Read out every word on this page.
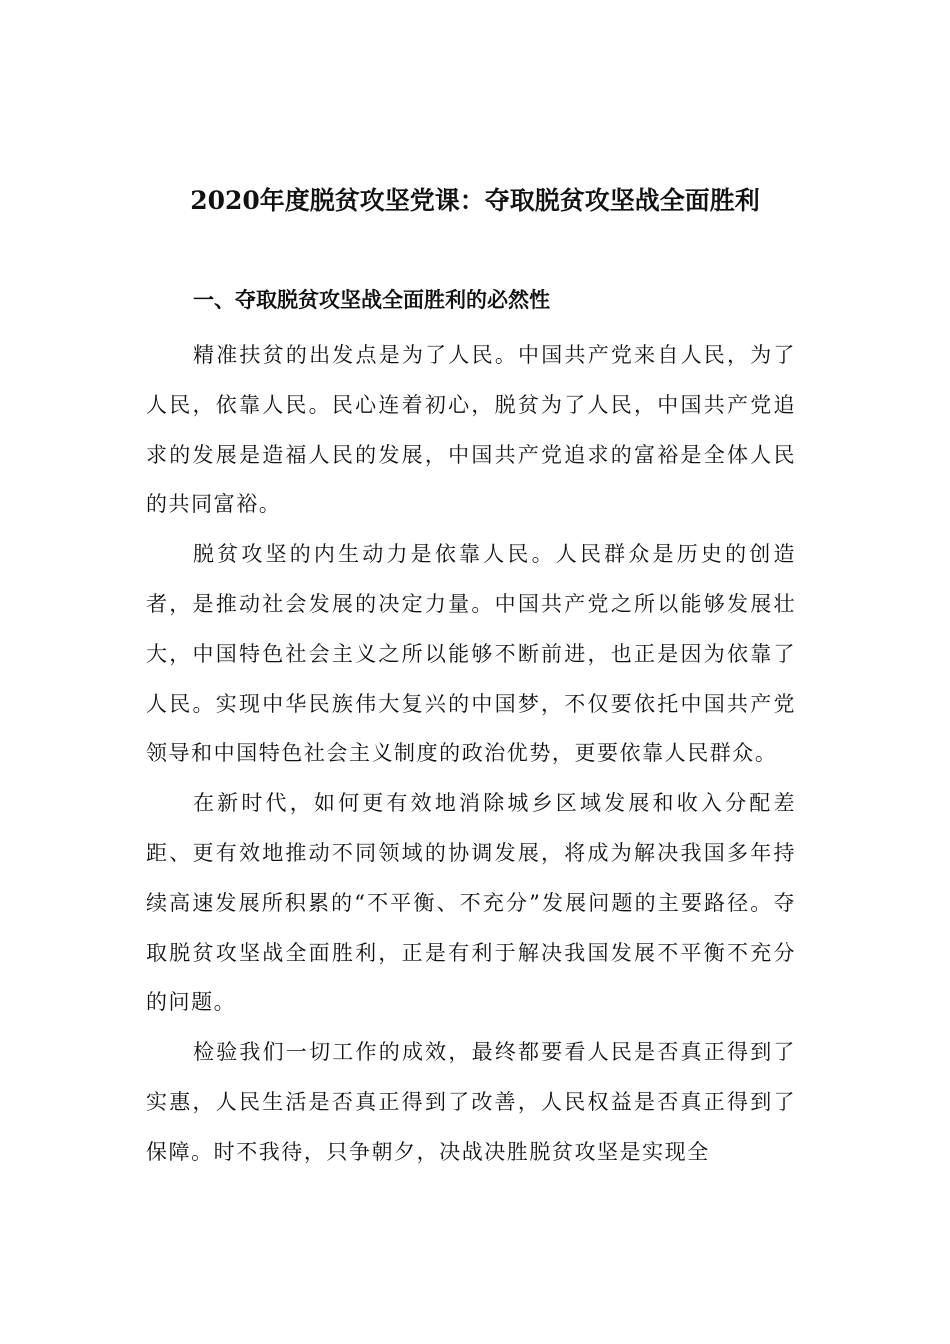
2020年度脱贫攻坚党课：夺取脱贫攻坚战全面胜利
一、夺取脱贫攻坚战全面胜利的必然性

精准扶贫的出发点是为了人民。中国共产党来自人民，为了人民，依靠人民。民心连着初心，脱贫为了人民，中国共产党追求的发展是造福人民的发展，中国共产党追求的富裕是全体人民的共同富裕。

脱贫攻坚的内生动力是依靠人民。人民群众是历史的创造者，是推动社会发展的决定力量。中国共产党之所以能够发展壮大，中国特色社会主义之所以能够不断前进，也正是因为依靠了人民。实现中华民族伟大复兴的中国梦，不仅要依托中国共产党领导和中国特色社会主义制度的政治优势，更要依靠人民群众。

在新时代，如何更有效地消除城乡区域发展和收入分配差距、更有效地推动不同领域的协调发展，将成为解决我国多年持续高速发展所积累的“不平衡、不充分”发展问题的主要路径。夺取脱贫攻坚战全面胜利，正是有利于解决我国发展不平衡不充分的问题。

检验我们一切工作的成效，最终都要看人民是否真正得到了实惠，人民生活是否真正得到了改善，人民权益是否真正得到了保障。时不我待，只争朝夕，决战决胜脱贫攻坚是实现全
